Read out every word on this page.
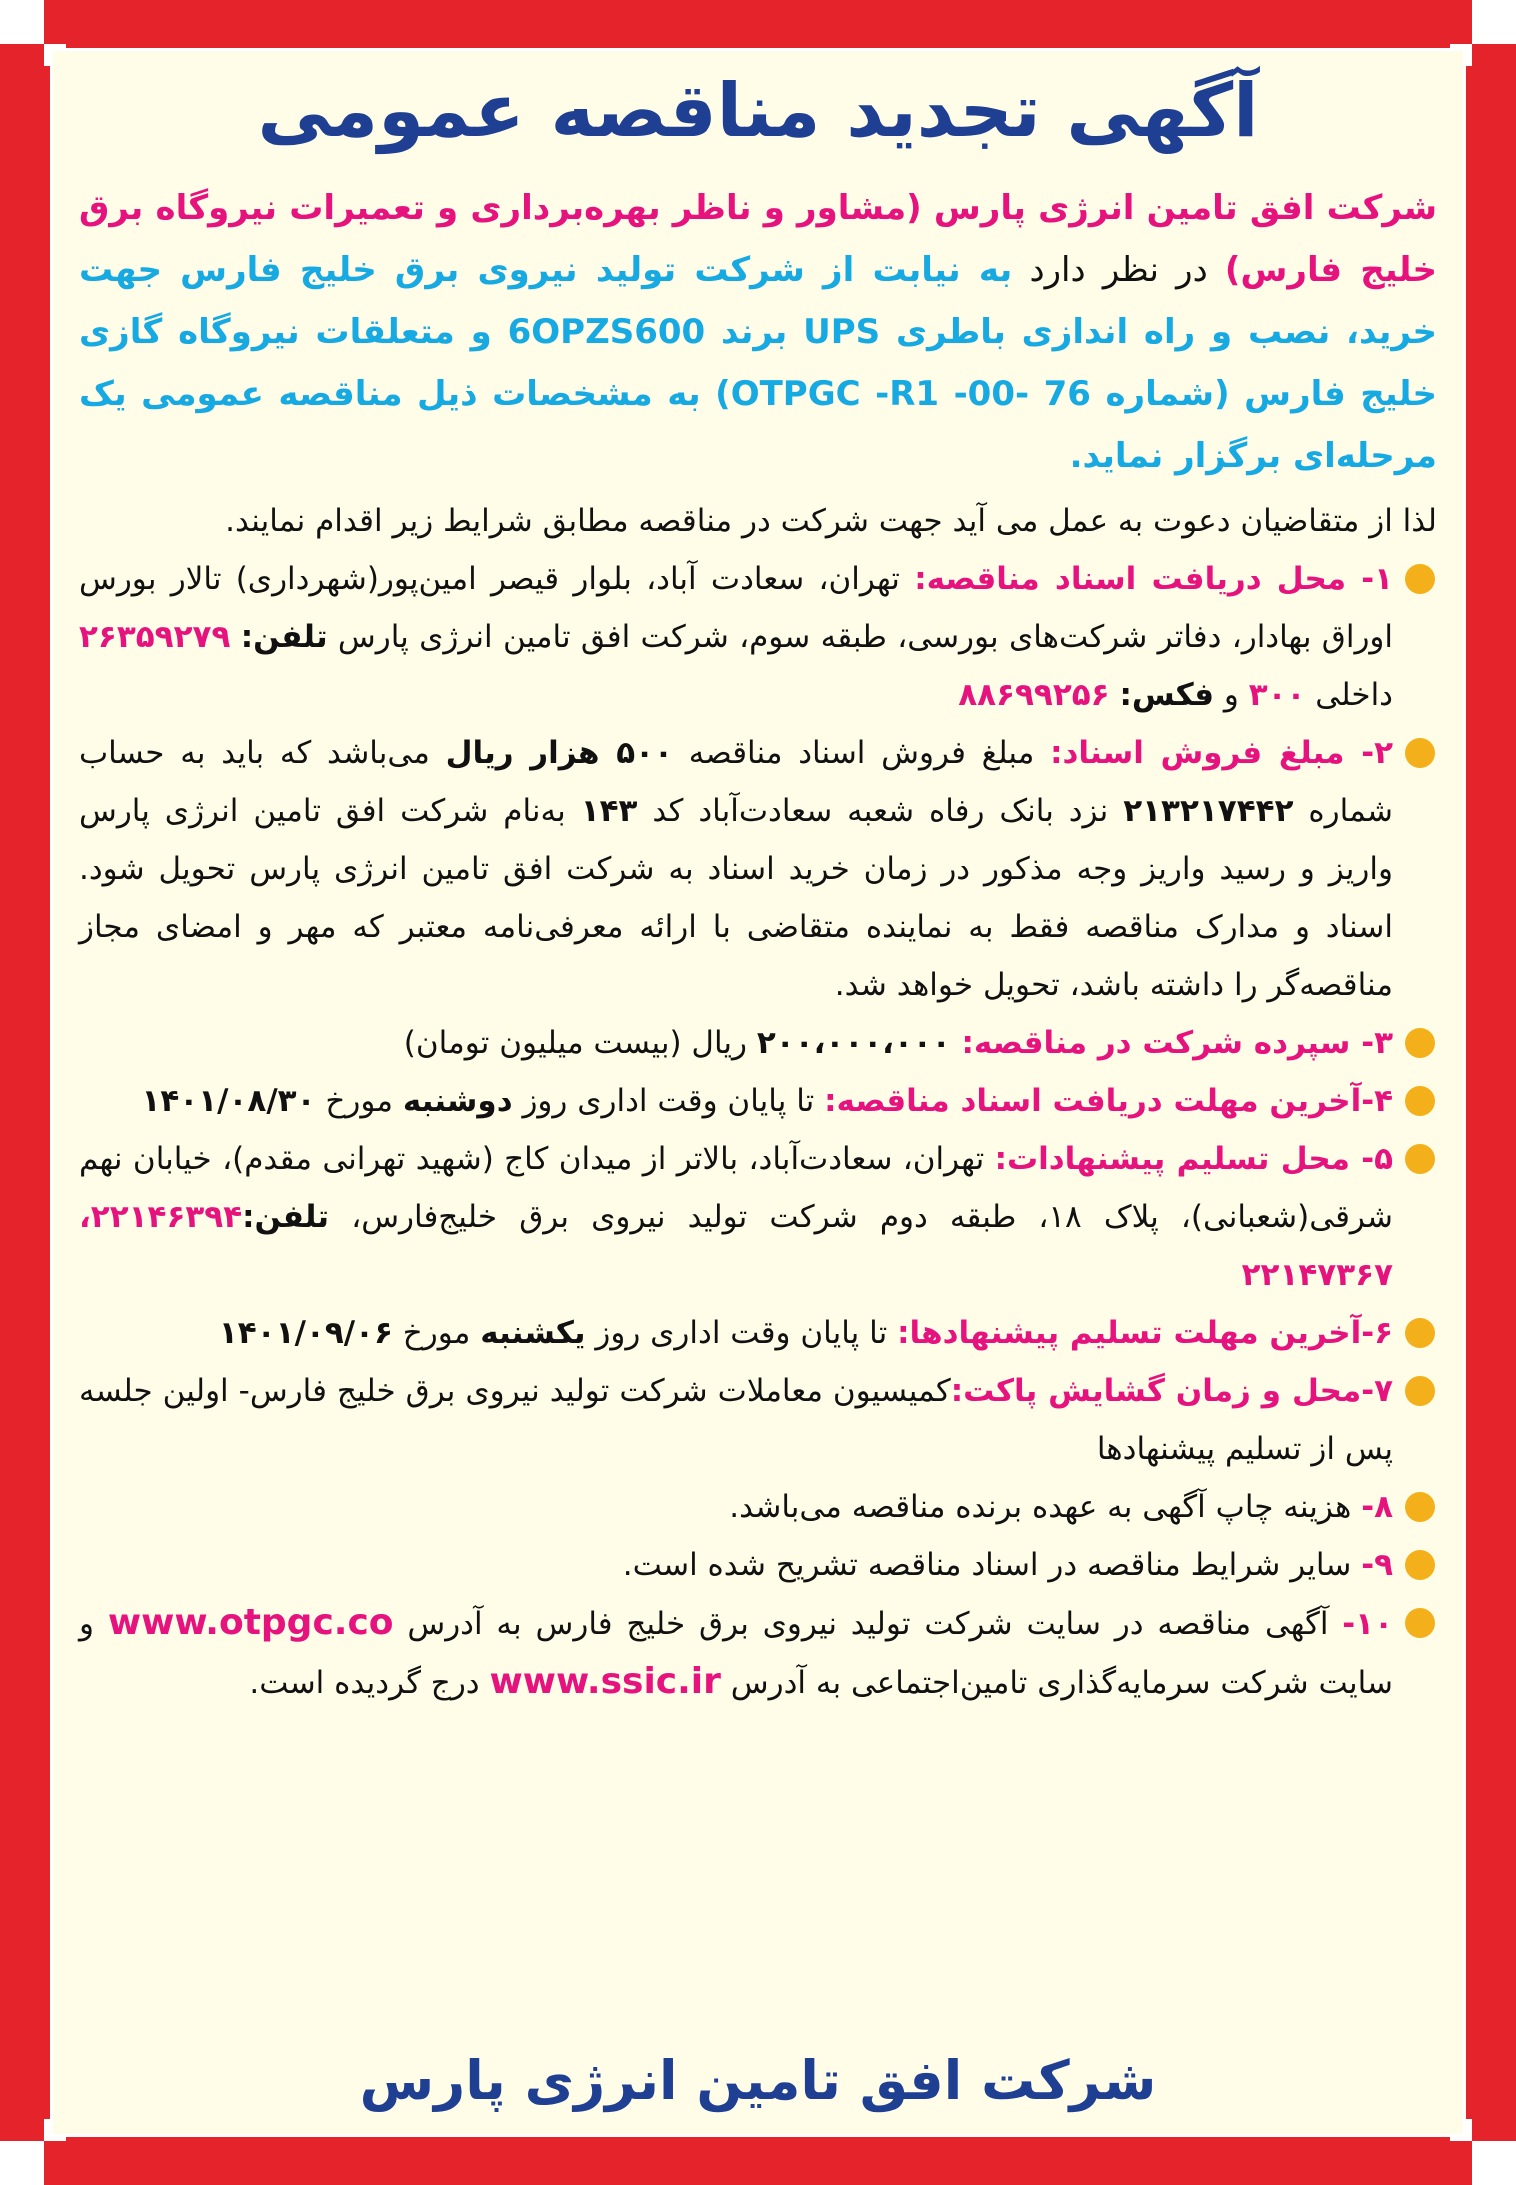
آگهی تجدید مناقصه عمومی

شرکت افق تامین انرژی پارس (مشاور و ناظر بهره‌برداری و تعمیرات نیروگاه برق خلیج فارس) در نظر دارد به نیابت از شرکت تولید نیروی برق خلیج فارس جهت خرید، نصب و راه اندازی باطری UPS برند 6OPZS600 و متعلقات نیروگاه گازی خلیج فارس (شماره OTPGC -R1 -00- 76) به مشخصات ذیل مناقصه عمومی یک مرحله‌ای برگزار نماید.

لذا از متقاضیان دعوت به عمل می آید جهت شرکت در مناقصه مطابق شرایط زیر اقدام نمایند.

۱- محل دریافت اسناد مناقصه: تهران، سعادت آباد، بلوار قیصر امین‌پور(شهرداری) تالار بورس اوراق بهادار، دفاتر شرکت‌های بورسی، طبقه سوم، شرکت افق تامین انرژی پارس تلفن: ۲۶۳۵۹۲۷۹ داخلی ۳۰۰ و فکس: ۸۸۶۹۹۲۵۶

۲- مبلغ فروش اسناد: مبلغ فروش اسناد مناقصه ۵۰۰ هزار ریال می‌باشد که باید به حساب شماره ۲۱۳۲۱۷۴۴۲ نزد بانک رفاه شعبه سعادت‌آباد کد ۱۴۳ به‌نام شرکت افق تامین انرژی پارس واریز و رسید واریز وجه مذکور در زمان خرید اسناد به شرکت افق تامین انرژی پارس تحویل شود. اسناد و مدارک مناقصه فقط به نماینده متقاضی با ارائه معرفی‌نامه معتبر که مهر و امضای مجاز مناقصه‌گر را داشته باشد، تحویل خواهد شد.

۳- سپرده شرکت در مناقصه: ۲۰۰،۰۰۰،۰۰۰ ریال (بیست میلیون تومان)

۴-آخرین مهلت دریافت اسناد مناقصه: تا پایان وقت اداری روز دوشنبه مورخ ۱۴۰۱/۰۸/۳۰

۵- محل تسلیم پیشنهادات: تهران، سعادت‌آباد، بالاتر از میدان کاج (شهید تهرانی مقدم)، خیابان نهم شرقی(شعبانی)، پلاک ۱۸، طبقه دوم شرکت تولید نیروی برق خلیج‌فارس، تلفن:۲۲۱۴۶۳۹۴، ۲۲۱۴۷۳۶۷

۶-آخرین مهلت تسلیم پیشنهادها: تا پایان وقت اداری روز یکشنبه مورخ ۱۴۰۱/۰۹/۰۶

۷-محل و زمان گشایش پاکت:کمیسیون معاملات شرکت تولید نیروی برق خلیج فارس- اولین جلسه پس از تسلیم پیشنهادها

۸- هزینه چاپ آگهی به عهده برنده مناقصه می‌باشد.

۹- سایر شرایط مناقصه در اسناد مناقصه تشریح شده است.

۱۰- آگهی مناقصه در سایت شرکت تولید نیروی برق خلیج فارس به آدرس www.otpgc.co و سایت شرکت سرمایه‌گذاری تامین‌اجتماعی به آدرس www.ssic.ir درج گردیده است.

شرکت افق تامین انرژی پارس
